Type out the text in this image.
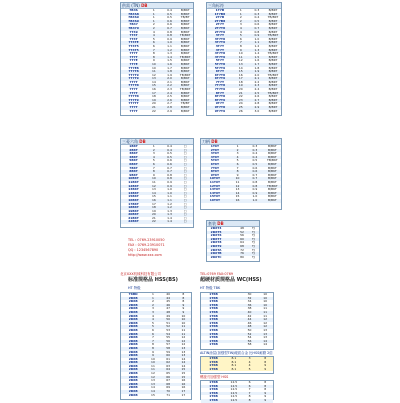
供需 (TN) DB
7B4S	1	0.4	B/BKT
7B4S8	1	0.5	B/BKT
7B4S9	1	0.5	TB/BT
7B4S9	1	0.6	B/BKT
7B47	2	0.6	B/BKT
7B479	2	0.7	B/BKT
7T49	4	0.8	B/BKT
7T4T	4	0.8	TB/BKT
7T4T	5	0.9	B/BKT
7T4TE	6	1.0	B/BKT
7T4T5	6	1.1	B/BKT
7T4T5	7	1.2	B/BKT
7T7T	8	1.3	B/BKT
7T7T	8	1.4	TB/BKT
7T7E	9	1.5	B/BKT
7T7E	10	1.6	B/BKT
7T7E8	10	1.7	B/BKT
7T7T8	11	1.8	B/BKT
7T7T9	12	1.9	TB/BKT
7T7T9	13	2.0	B/BKT
7T7T	14	2.1	B/BKT
7T7TR	15	2.2	B/BKT
7T7T	16	2.3	TB/BKT
7T7T	17	2.4	B/BKT
7T7TR	18	2.5	B/BKT
7T7T9	19	2.6	B/BKT
7T7TT	20	2.7	TB/BT
7T7T	21	2.8	B/BKT
7T7T	22	2.9	B/BKT
三角标符
1T7B	1	0.3	B/BKT
1T7B8	1	0.3	B/BKT
2T7B	2	0.4	TB/BKT
2T7B8	2	0.5	B/BKT
2T7T	3	0.6	B/BKT
2T7T8	4	0.7	B/BKT
2T7T9	4	0.8	B/BKT
3T7T	5	0.9	TB/BKT
3T7T8	6	1.0	B/BKT
3T7T9	7	1.1	B/BKT
3T7T	8	1.2	B/BKT
4T7T	9	1.3	B/BKT
4T7T8	10	1.4	TB/BKT
4T7T9	11	1.5	B/BKT
5T7T	12	1.6	B/BKT
5T7T8	13	1.7	B/BKT
5T7T9	14	1.8	B/BKT
6T7T	15	1.9	B/BKT
6T7T8	16	2.0	TB/BKT
6T7T9	17	2.1	B/BKT
7T7T	18	2.2	B/BKT
7T7T8	19	2.3	B/BKT
7T7T9	20	2.4	B/BKT
8T7T	21	2.5	TB/BKT
8T7T8	22	2.6	B/BKT
8T7T9	23	2.7	B/BKT
9T7T	24	2.8	B/BKT
9T7T8	25	2.9	B/BKT
9T7T9	26	3.0	B/BKT
三菱六角 DB
1B6T	1	0.4	□
2B6T	2	0.4	□
3B6T	3	0.5	□
4B6T	4	0.5	□
5B6T	5	0.6	□
6B6T	6	0.6	□
7B6T	7	0.7	□
8B6T	8	0.7	□
9B6T	9	0.8	□
10B6T	10	0.8	□
11B6T	11	0.9	□
12B6T	12	0.9	□
13B6T	13	1.0	□
14B6T	14	1.0	□
15B6T	15	1.1	□
16B6T	16	1.1	□
17B6T	17	1.2	□
18B6T	18	1.2	□
19B6T	19	1.3	□
20B6T	20	1.3	□
21B6T	21	1.4	□
22B6T	22	1.4	□
刀柄 DB
1T6T	1	0.3	B/BKT
2T6T	2	0.3	B/BKT
3T6T	3	0.4	B/BKT
4T6T	4	0.4	B/BKT
5T6T	5	0.5	TB/BKT
6T6T	6	0.5	B/BKT
7T6T	7	0.6	B/BKT
8T6T	8	0.6	B/BKT
9T6T	9	0.7	B/BKT
10T6T	10	0.7	B/BKT
11T6T	11	0.8	B/BKT
12T6T	12	0.8	TB/BKT
13T6T	13	0.9	B/BKT
14T6T	14	0.9	B/BKT
15T6T	15	1.0	B/BKT
16T6T	16	1.0	B/BKT
套装 DB
2D6T4	48	TJ
2D6T5	52	TJ
2D6T6	56	TJ
2D6T7	60	TJ
2D6T8	64	TJ
2D6T9	68	TJ
2D6TA	72	TJ
2D6TB	76	TJ
2D6TC	80	TJ
TEL : 0769-23910050
FAX : 0769-23910071
QQ : 1234567890
http://www.xxx.com
北京XXX机械科技有限公司	TEL:0769 FAX:0769
标准规格品 HSS(BS)	超硬材质规格品 WC(HSS)
HT 特级	HT 特级 TBK
T6BD	1	40	8
2D6B	1	44	8
2D6B	2	45	8
2D6B	2	46	9
2D6B	3	47	9
2D6B	3	48	9
2D6B	4	49	10
2D6B	4	50	10
2D6B	5	51	10
2D6B	5	52	11
2D6B	6	53	11
2D6B	6	54	11
2D6B	7	55	12
2D6B	7	56	12
2D6B	8	57	12
2D6B	8	58	13
2D6B	9	59	13
2D6B	9	60	13
2D6B	10	61	14
2D6B	10	62	14
2D6B	11	63	14
2D6B	11	64	15
2D6B	12	65	15
2D6B	12	66	15
2D6B	13	67	16
2D6B	13	68	16
2D6B	14	69	16
2D6B	14	70	17
2D6B	15	71	17
1T6B	30	10
1T6B	32	10
1T6B	34	10
1T6B	36	10
1T6B	38	11
1T6B	40	11
1T6B	42	11
1T6B	44	12
1T6B	46	12
1T6B	48	12
1T6B	50	13
1T6B	52	13
1T6B	54	13
1T6B	56	14
1T6B	58	14
ALTIN涂层(加强型TiN)硬质合金 比HSS耐磨 2倍
1T6B	8.1	3	8
1T6B	8.1	4	8
1T6B	8.1	4	9
1T6B	8.1	5	9
螺旋刃加强型 HSS
1T6B	12.5	6	8
1T6B	12.5	6	8
1T6B	12.5	7	8
1T6B	12.5	7	9
1T6B	12.5	8	9
1T6B	12.5	8	9
